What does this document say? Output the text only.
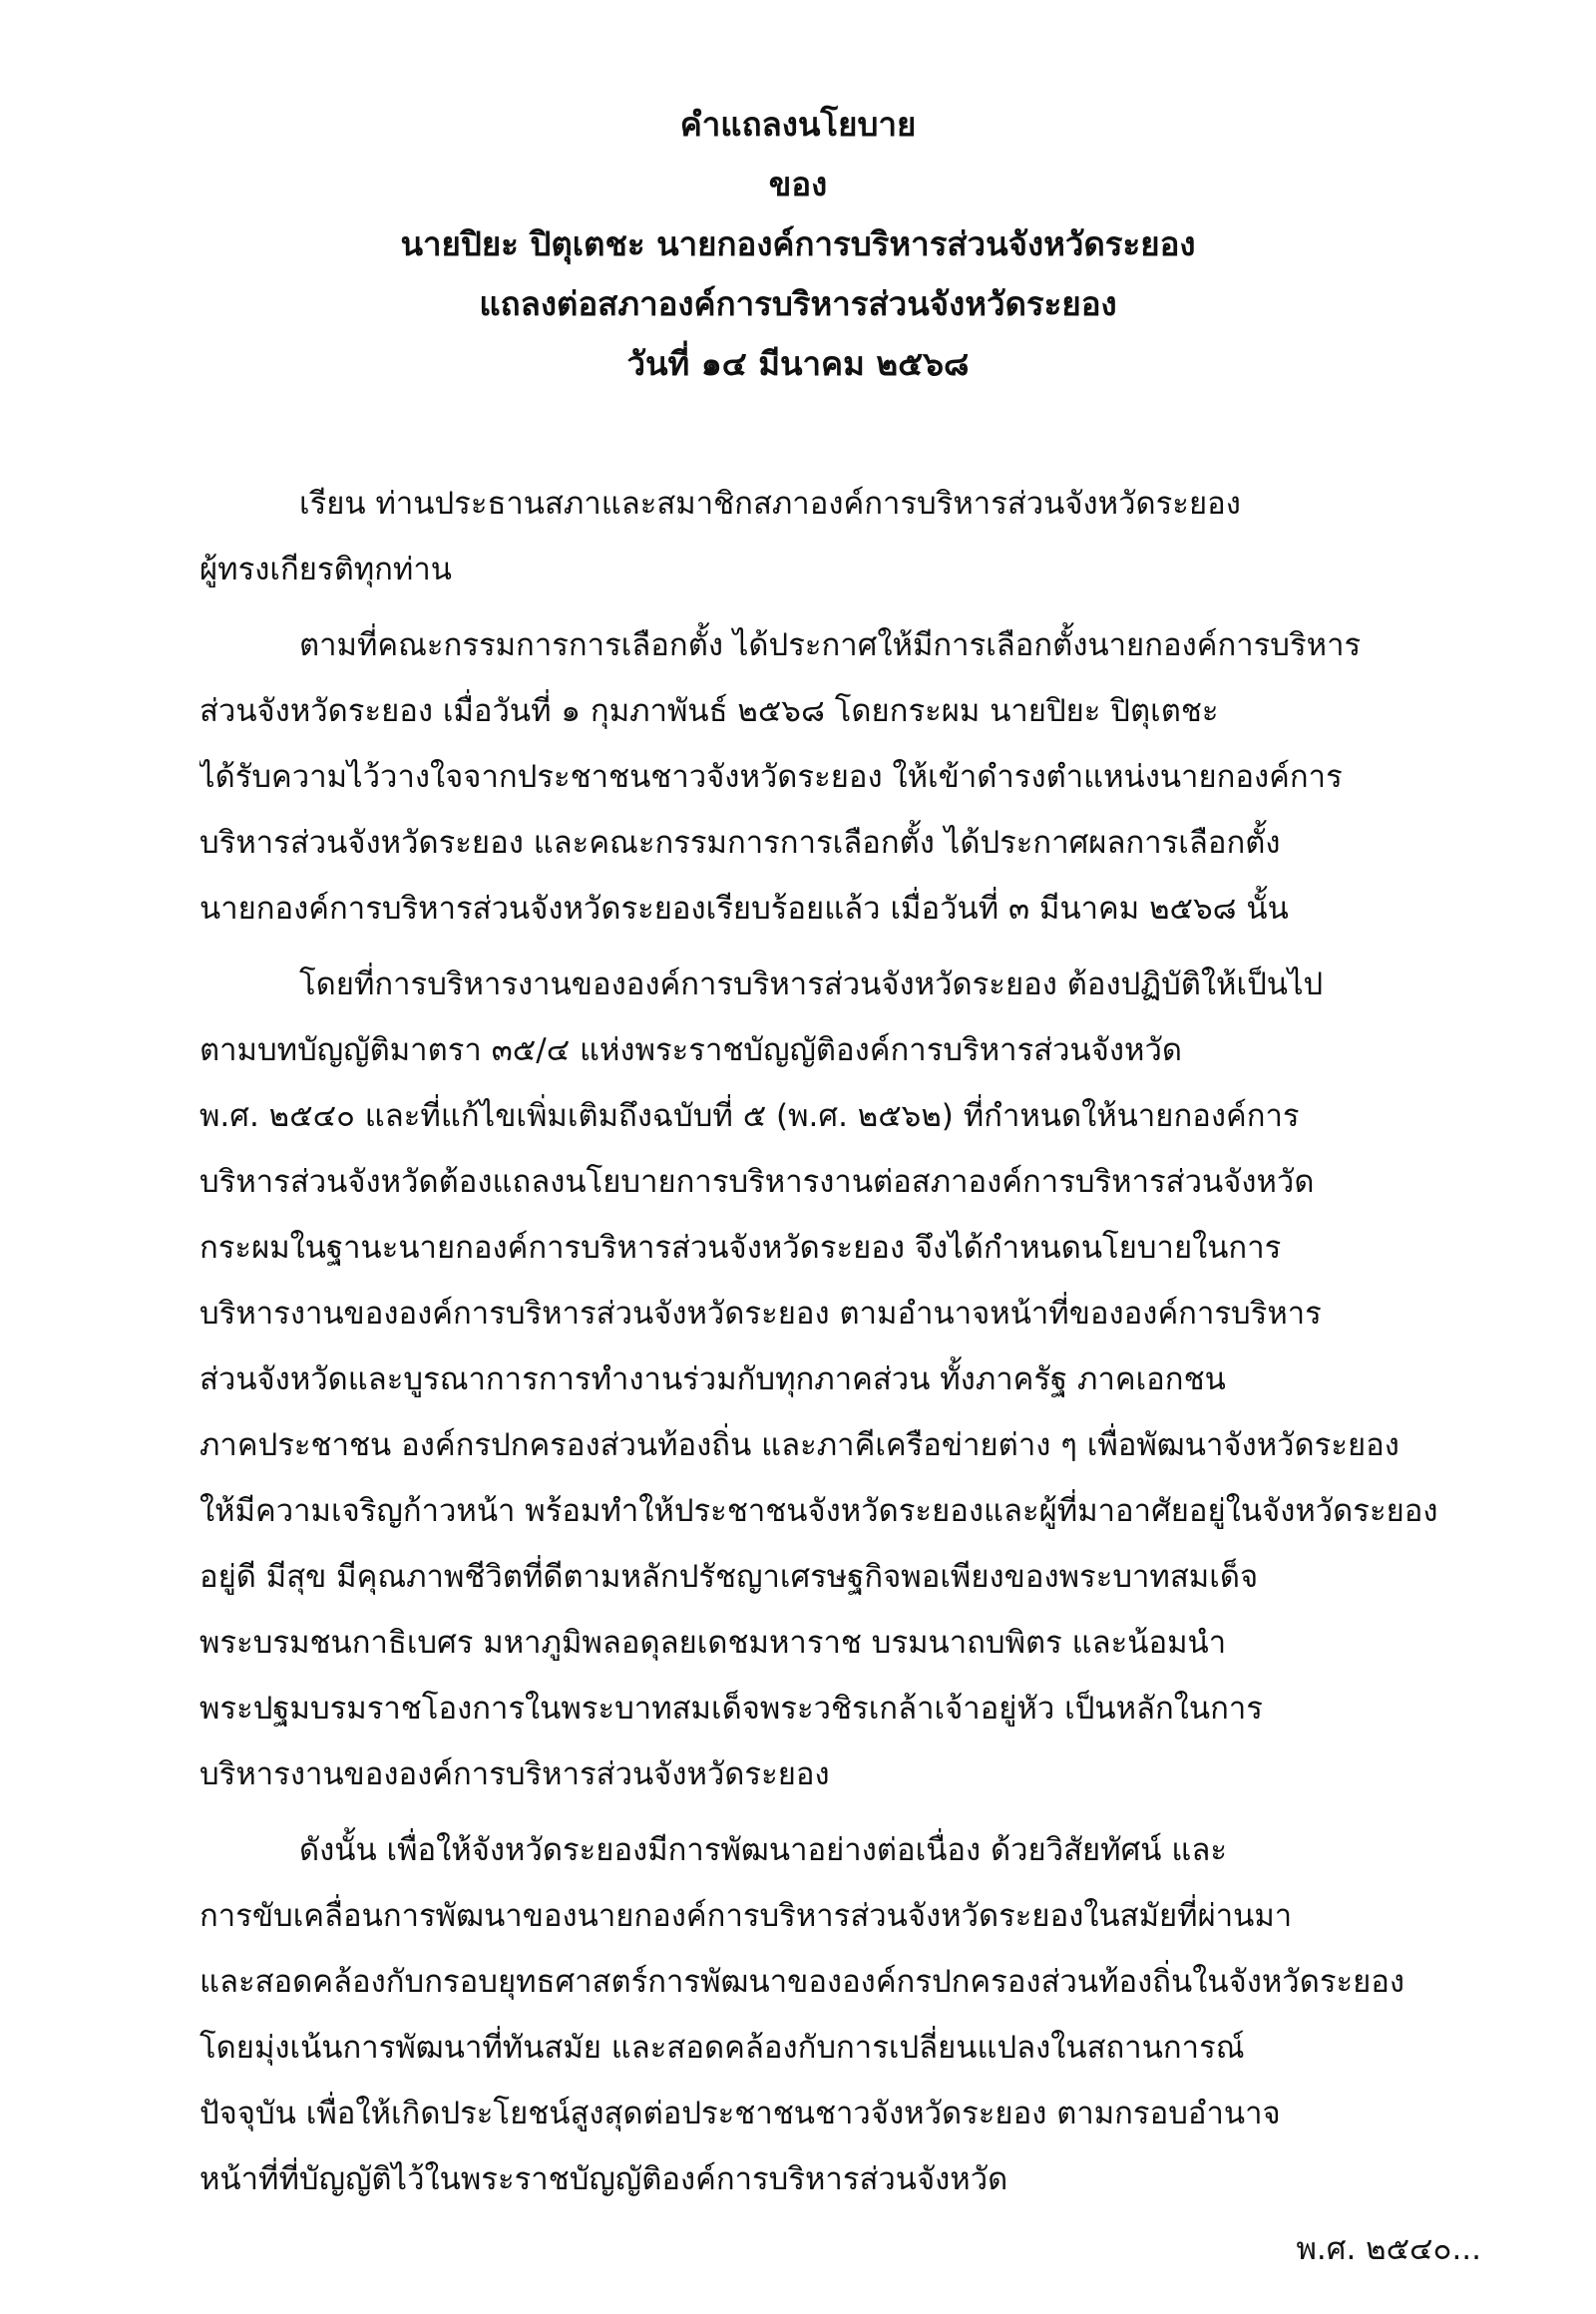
คำแถลงนโยบาย
ของ
นายปิยะ ปิตุเตชะ นายกองค์การบริหารส่วนจังหวัดระยอง
แถลงต่อสภาองค์การบริหารส่วนจังหวัดระยอง
วันที่ ๑๔ มีนาคม ๒๕๖๘
เรียน ท่านประธานสภาและสมาชิกสภาองค์การบริหารส่วนจังหวัดระยอง
ผู้ทรงเกียรติทุกท่าน
ตามที่คณะกรรมการการเลือกตั้ง ได้ประกาศให้มีการเลือกตั้งนายกองค์การบริหาร
ส่วนจังหวัดระยอง เมื่อวันที่ ๑ กุมภาพันธ์ ๒๕๖๘ โดยกระผม นายปิยะ ปิตุเตชะ
ได้รับความไว้วางใจจากประชาชนชาวจังหวัดระยอง ให้เข้าดำรงตำแหน่งนายกองค์การ
บริหารส่วนจังหวัดระยอง และคณะกรรมการการเลือกตั้ง ได้ประกาศผลการเลือกตั้ง
นายกองค์การบริหารส่วนจังหวัดระยองเรียบร้อยแล้ว เมื่อวันที่ ๓ มีนาคม ๒๕๖๘ นั้น
โดยที่การบริหารงานขององค์การบริหารส่วนจังหวัดระยอง ต้องปฏิบัติให้เป็นไป
ตามบทบัญญัติมาตรา ๓๕/๔ แห่งพระราชบัญญัติองค์การบริหารส่วนจังหวัด
พ.ศ. ๒๕๔๐ และที่แก้ไขเพิ่มเติมถึงฉบับที่ ๕ (พ.ศ. ๒๕๖๒) ที่กำหนดให้นายกองค์การ
บริหารส่วนจังหวัดต้องแถลงนโยบายการบริหารงานต่อสภาองค์การบริหารส่วนจังหวัด
กระผมในฐานะนายกองค์การบริหารส่วนจังหวัดระยอง จึงได้กำหนดนโยบายในการ
บริหารงานขององค์การบริหารส่วนจังหวัดระยอง ตามอำนาจหน้าที่ขององค์การบริหาร
ส่วนจังหวัดและบูรณาการการทำงานร่วมกับทุกภาคส่วน ทั้งภาครัฐ ภาคเอกชน
ภาคประชาชน องค์กรปกครองส่วนท้องถิ่น และภาคีเครือข่ายต่าง ๆ เพื่อพัฒนาจังหวัดระยอง
ให้มีความเจริญก้าวหน้า พร้อมทำให้ประชาชนจังหวัดระยองและผู้ที่มาอาศัยอยู่ในจังหวัดระยอง
อยู่ดี มีสุข มีคุณภาพชีวิตที่ดีตามหลักปรัชญาเศรษฐกิจพอเพียงของพระบาทสมเด็จ
พระบรมชนกาธิเบศร มหาภูมิพลอดุลยเดชมหาราช บรมนาถบพิตร และน้อมนำ
พระปฐมบรมราชโองการในพระบาทสมเด็จพระวชิรเกล้าเจ้าอยู่หัว เป็นหลักในการ
บริหารงานขององค์การบริหารส่วนจังหวัดระยอง
ดังนั้น เพื่อให้จังหวัดระยองมีการพัฒนาอย่างต่อเนื่อง ด้วยวิสัยทัศน์ และ
การขับเคลื่อนการพัฒนาของนายกองค์การบริหารส่วนจังหวัดระยองในสมัยที่ผ่านมา
และสอดคล้องกับกรอบยุทธศาสตร์การพัฒนาขององค์กรปกครองส่วนท้องถิ่นในจังหวัดระยอง
โดยมุ่งเน้นการพัฒนาที่ทันสมัย และสอดคล้องกับการเปลี่ยนแปลงในสถานการณ์
ปัจจุบัน เพื่อให้เกิดประโยชน์สูงสุดต่อประชาชนชาวจังหวัดระยอง ตามกรอบอำนาจ
หน้าที่ที่บัญญัติไว้ในพระราชบัญญัติองค์การบริหารส่วนจังหวัด
พ.ศ. ๒๕๔๐...
